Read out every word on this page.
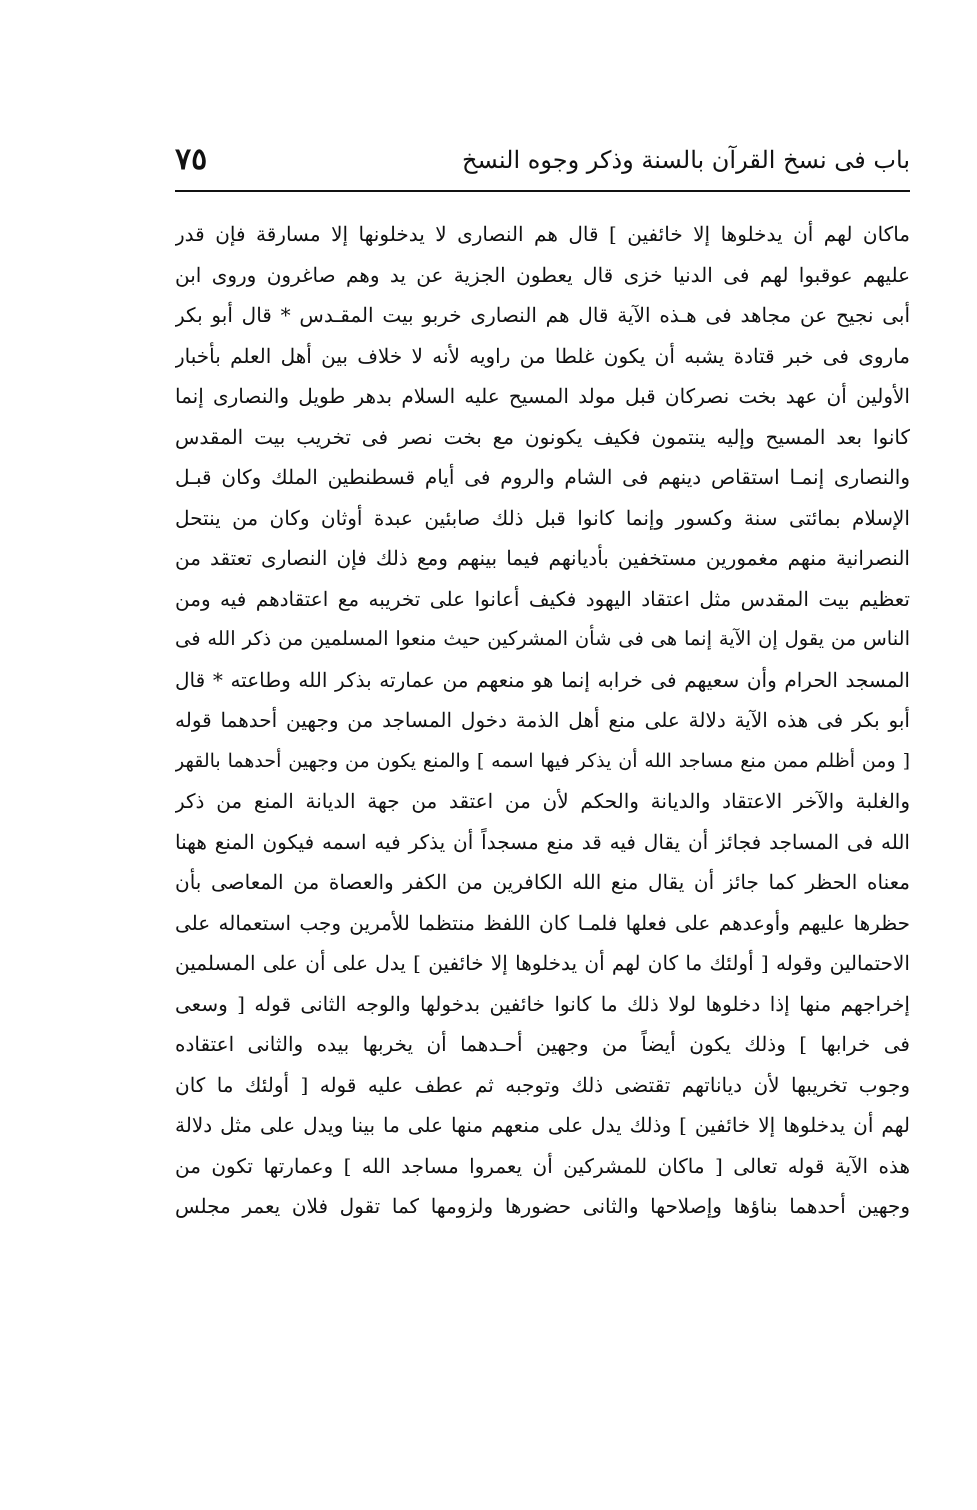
باب فى نسخ القرآن بالسنة وذكر وجوه النسخ
٧٥
ماكان لهم أن يدخلوها إلا خائفين ] قال هم النصارى لا يدخلونها إلا مسارقة فإن قدر
عليهم عوقبوا لهم فى الدنيا خزى قال يعطون الجزية عن يد وهم صاغرون وروى ابن
أبى نجيح عن مجاهد فى هـذه الآية قال هم النصارى خربو بيت المقـدس * قال أبو بكر
ماروى فى خبر قتادة يشبه أن يكون غلطا من راويه لأنه لا خلاف بين أهل العلم بأخبار
الأولين أن عهد بخت نصركان قبل مولد المسيح عليه السلام بدهر طويل والنصارى إنما
كانوا بعد المسيح وإليه ينتمون فكيف يكونون مع بخت نصر فى تخريب بيت المقدس
والنصارى إنمـا استقاص دينهم فى الشام والروم فى أيام قسطنطين الملك وكان قبـل
الإسلام بمائتى سنة وكسور وإنما كانوا قبل ذلك صابئين عبدة أوثان وكان من ينتحل
النصرانية منهم مغمورين مستخفين بأديانهم فيما بينهم ومع ذلك فإن النصارى تعتقد من
تعظيم بيت المقدس مثل اعتقاد اليهود فكيف أعانوا على تخريبه مع اعتقادهم فيه ومن
الناس من يقول إن الآية إنما هى فى شأن المشركين حيث منعوا المسلمين من ذكر الله فى
المسجد الحرام وأن سعيهم فى خرابه إنما هو منعهم من عمارته بذكر الله وطاعته * قال
أبو بكر فى هذه الآية دلالة على منع أهل الذمة دخول المساجد من وجهين أحدهما قوله
[ ومن أظلم ممن منع مساجد الله أن يذكر فيها اسمه ] والمنع يكون من وجهين أحدهما بالقهر
والغلبة والآخر الاعتقاد والديانة والحكم لأن من اعتقد من جهة الديانة المنع من ذكر
الله فى المساجد فجائز أن يقال فيه قد منع مسجداً أن يذكر فيه اسمه فيكون المنع ههنا
معناه الحظر كما جائز أن يقال منع الله الكافرين من الكفر والعصاة من المعاصى بأن
حظرها عليهم وأوعدهم على فعلها فلمـا كان اللفظ منتظما للأمرين وجب استعماله على
الاحتمالين وقوله [ أولئك ما كان لهم أن يدخلوها إلا خائفين ] يدل على أن على المسلمين
إخراجهم منها إذا دخلوها لولا ذلك ما كانوا خائفين بدخولها والوجه الثانى قوله [ وسعى
فى خرابها ] وذلك يكون أيضاً من وجهين أحـدهما أن يخربها بيده والثانى اعتقاده
وجوب تخريبها لأن دياناتهم تقتضى ذلك وتوجبه ثم عطف عليه قوله [ أولئك ما كان
لهم أن يدخلوها إلا خائفين ] وذلك يدل على منعهم منها على ما بينا ويدل على مثل دلالة
هذه الآية قوله تعالى [ ماكان للمشركين أن يعمروا مساجد الله ] وعمارتها تكون من
وجهين أحدهما بناؤها وإصلاحها والثانى حضورها ولزومها كما تقول فلان يعمر مجلس
